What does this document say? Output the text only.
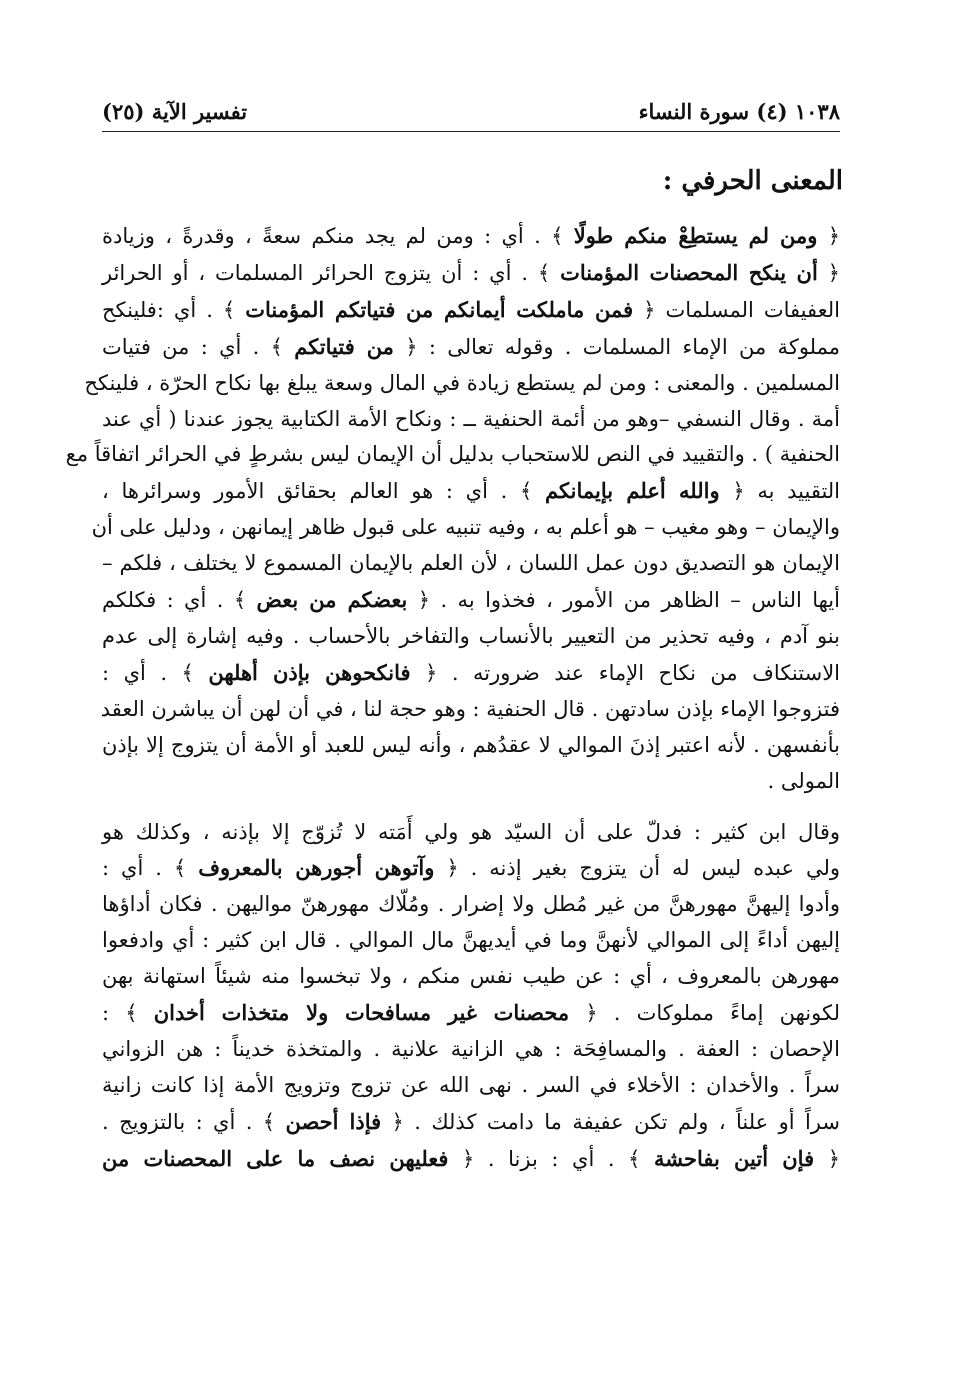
١٠٣٨ (٤) سورة النساء
تفسير الآية (٢٥)
المعنى الحرفي :

﴿ ومن لم يستطِعْ منكم طولًا ﴾ . أي : ومن لم يجد منكم سعةً ، وقدرةً ، وزيادة
﴿ أن ينكح المحصنات المؤمنات ﴾ . أي : أن يتزوج الحرائر المسلمات ، أو الحرائر
العفيفات المسلمات ﴿ فمن ماملكت أيمانكم من فتياتكم المؤمنات ﴾ . أي :فلينكح
مملوكة من الإماء المسلمات . وقوله تعالى : ﴿ من فتياتكم ﴾ . أي : من فتيات
المسلمين . والمعنى : ومن لم يستطع زيادة في المال وسعة يبلغ بها نكاح الحرّة ، فلينكح
أمة . وقال النسفي –وهو من أئمة الحنفية ــ : ونكاح الأمة الكتابية يجوز عندنا ( أي عند
الحنفية ) . والتقييد في النص للاستحباب بدليل أن الإيمان ليس بشرطٍ في الحرائر اتفاقاً مع
التقييد به ﴿ والله أعلم بإيمانكم ﴾ . أي : هو العالم بحقائق الأمور وسرائرها ،
والإيمان – وهو مغيب – هو أعلم به ، وفيه تنبيه على قبول ظاهر إيمانهن ، ودليل على أن
الإيمان هو التصديق دون عمل اللسان ، لأن العلم بالإيمان المسموع لا يختلف ، فلكم –
أيها الناس – الظاهر من الأمور ، فخذوا به . ﴿ بعضكم من بعض ﴾ . أي : فكلكم
بنو آدم ، وفيه تحذير من التعيير بالأنساب والتفاخر بالأحساب . وفيه إشارة إلى عدم
الاستنكاف من نكاح الإماء عند ضرورته . ﴿ فانكحوهن بإذن أهلهن ﴾ . أي :
فتزوجوا الإماء بإذن سادتهن . قال الحنفية : وهو حجة لنا ، في أن لهن أن يباشرن العقد
بأنفسهن . لأنه اعتبر إذنَ الموالي لا عقدُهم ، وأنه ليس للعبد أو الأمة أن يتزوج إلا بإذن
المولى .

وقال ابن كثير : فدلّ على أن السيّد هو ولي أَمَته لا تُزوّج إلا بإذنه ، وكذلك هو
ولي عبده ليس له أن يتزوج بغير إذنه . ﴿ وآتوهن أجورهن بالمعروف ﴾ . أي :
وأدوا إليهنَّ مهورهنَّ من غير مُطل ولا إضرار . ومُلّاك مهورهنّ مواليهن . فكان أداؤها
إليهن أداءً إلى الموالي لأنهنَّ وما في أيديهنَّ مال الموالي . قال ابن كثير : أي وادفعوا
مهورهن بالمعروف ، أي : عن طيب نفس منكم ، ولا تبخسوا منه شيئاً استهانة بهن
لكونهن إماءً مملوكات . ﴿ محصنات غير مسافحات ولا متخذات أخدان ﴾ :
الإحصان : العفة . والمسافِحَة : هي الزانية علانية . والمتخذة خديناً : هن الزواني
سراً . والأخدان : الأخلاء في السر . نهى الله عن تزوج وتزويج الأمة إذا كانت زانية
سراً أو علناً ، ولم تكن عفيفة ما دامت كذلك . ﴿ فإذا أحصن ﴾ . أي : بالتزويج .
﴿ فإن أتين بفاحشة ﴾ . أي : بزنا . ﴿ فعليهن نصف ما على المحصنات من
